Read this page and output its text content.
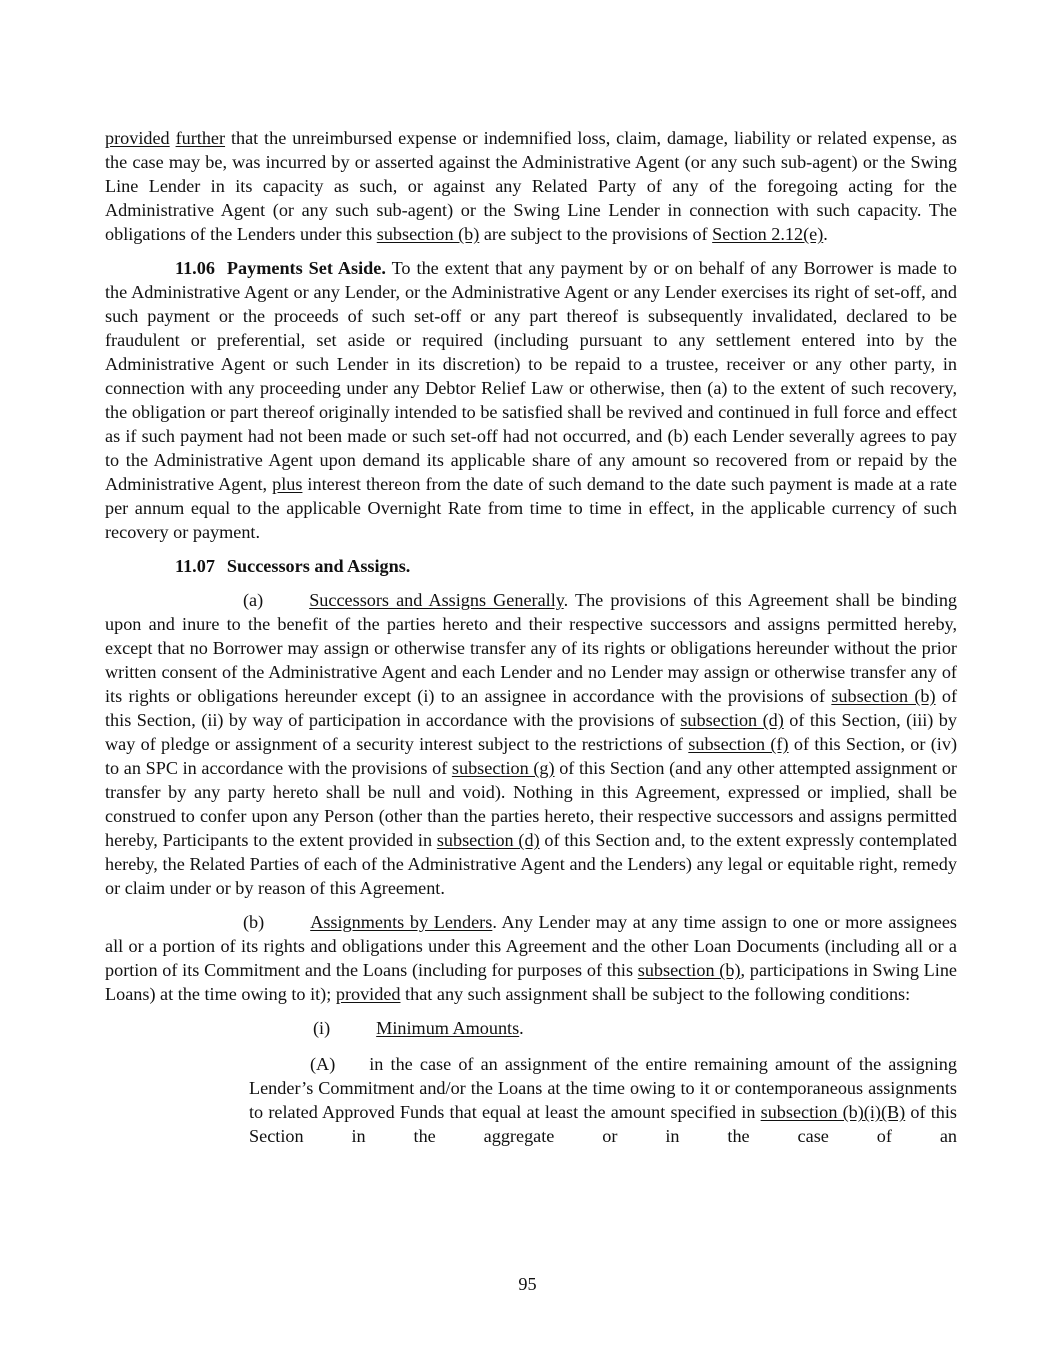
provided further that the unreimbursed expense or indemnified loss, claim, damage, liability or related expense, as the case may be, was incurred by or asserted against the Administrative Agent (or any such sub-agent) or the Swing Line Lender in its capacity as such, or against any Related Party of any of the foregoing acting for the Administrative Agent (or any such sub-agent) or the Swing Line Lender in connection with such capacity. The obligations of the Lenders under this subsection (b) are subject to the provisions of Section 2.12(e).

11.06 Payments Set Aside. To the extent that any payment by or on behalf of any Borrower is made to the Administrative Agent or any Lender, or the Administrative Agent or any Lender exercises its right of set-off, and such payment or the proceeds of such set-off or any part thereof is subsequently invalidated, declared to be fraudulent or preferential, set aside or required (including pursuant to any settlement entered into by the Administrative Agent or such Lender in its discretion) to be repaid to a trustee, receiver or any other party, in connection with any proceeding under any Debtor Relief Law or otherwise, then (a) to the extent of such recovery, the obligation or part thereof originally intended to be satisfied shall be revived and continued in full force and effect as if such payment had not been made or such set-off had not occurred, and (b) each Lender severally agrees to pay to the Administrative Agent upon demand its applicable share of any amount so recovered from or repaid by the Administrative Agent, plus interest thereon from the date of such demand to the date such payment is made at a rate per annum equal to the applicable Overnight Rate from time to time in effect, in the applicable currency of such recovery or payment.

11.07 Successors and Assigns.

(a)	Successors and Assigns Generally. The provisions of this Agreement shall be binding upon and inure to the benefit of the parties hereto and their respective successors and assigns permitted hereby, except that no Borrower may assign or otherwise transfer any of its rights or obligations hereunder without the prior written consent of the Administrative Agent and each Lender and no Lender may assign or otherwise transfer any of its rights or obligations hereunder except (i) to an assignee in accordance with the provisions of subsection (b) of this Section, (ii) by way of participation in accordance with the provisions of subsection (d) of this Section, (iii) by way of pledge or assignment of a security interest subject to the restrictions of subsection (f) of this Section, or (iv) to an SPC in accordance with the provisions of subsection (g) of this Section (and any other attempted assignment or transfer by any party hereto shall be null and void). Nothing in this Agreement, expressed or implied, shall be construed to confer upon any Person (other than the parties hereto, their respective successors and assigns permitted hereby, Participants to the extent provided in subsection (d) of this Section and, to the extent expressly contemplated hereby, the Related Parties of each of the Administrative Agent and the Lenders) any legal or equitable right, remedy or claim under or by reason of this Agreement.

(b)	Assignments by Lenders. Any Lender may at any time assign to one or more assignees all or a portion of its rights and obligations under this Agreement and the other Loan Documents (including all or a portion of its Commitment and the Loans (including for purposes of this subsection (b), participations in Swing Line Loans) at the time owing to it); provided that any such assignment shall be subject to the following conditions:

(i)	Minimum Amounts.

(A) in the case of an assignment of the entire remaining amount of the assigning Lender’s Commitment and/or the Loans at the time owing to it or contemporaneous assignments to related Approved Funds that equal at least the amount specified in subsection (b)(i)(B) of this Section in the aggregate or in the case of an

95
